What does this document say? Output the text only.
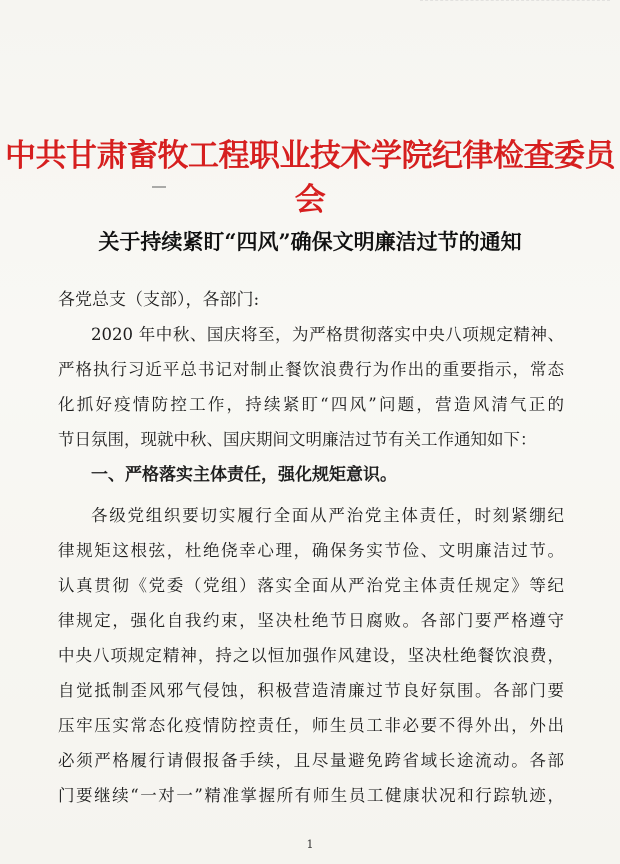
中共甘肃畜牧工程职业技术学院纪律检查委员会
关于持续紧盯“四风”确保文明廉洁过节的通知
各党总支（支部），各部门:
2020 年中秋、国庆将至，为严格贯彻落实中央八项规定精神、
严格执行习近平总书记对制止餐饮浪费行为作出的重要指示，常态
化抓好疫情防控工作，持续紧盯“四风”问题，营造风清气正的
节日氛围，现就中秋、国庆期间文明廉洁过节有关工作通知如下：
一、严格落实主体责任，强化规矩意识。
各级党组织要切实履行全面从严治党主体责任，时刻紧绷纪
律规矩这根弦，杜绝侥幸心理，确保务实节俭、文明廉洁过节。
认真贯彻《党委（党组）落实全面从严治党主体责任规定》等纪
律规定，强化自我约束，坚决杜绝节日腐败。各部门要严格遵守
中央八项规定精神，持之以恒加强作风建设，坚决杜绝餐饮浪费，
自觉抵制歪风邪气侵蚀，积极营造清廉过节良好氛围。各部门要
压牢压实常态化疫情防控责任，师生员工非必要不得外出，外出
必须严格履行请假报备手续，且尽量避免跨省域长途流动。各部
门要继续“一对一”精准掌握所有师生员工健康状况和行踪轨迹，
1
